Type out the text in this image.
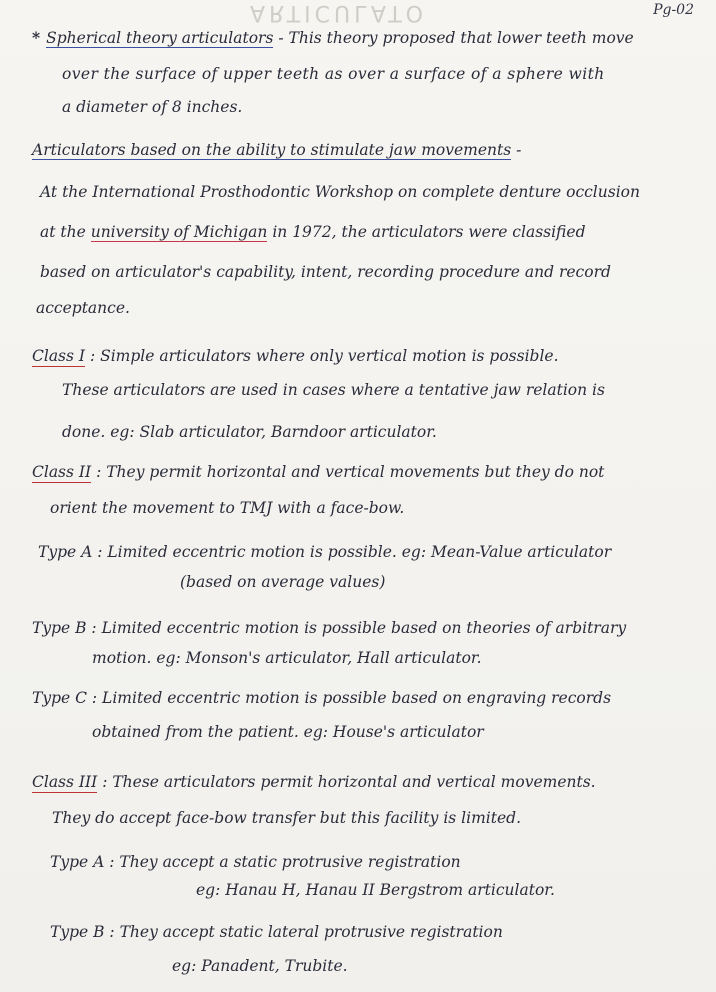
ARTICULATO	Pg-02
* Spherical theory articulators - This theory proposed that lower teeth move
over the surface of upper teeth as over a surface of a sphere with
a diameter of 8 inches.
Articulators based on the ability to stimulate jaw movements -
At the International Prosthodontic Workshop on complete denture occlusion
at the university of Michigan in 1972, the articulators were classified
based on articulator's capability, intent, recording procedure and record
acceptance.
Class I : Simple articulators where only vertical motion is possible.
These articulators are used in cases where a tentative jaw relation is
done. eg: Slab articulator, Barndoor articulator.
Class II : They permit horizontal and vertical movements but they do not
orient the movement to TMJ with a face-bow.
Type A : Limited eccentric motion is possible. eg: Mean-Value articulator
(based on average values)
Type B : Limited eccentric motion is possible based on theories of arbitrary
motion. eg: Monson's articulator, Hall articulator.
Type C : Limited eccentric motion is possible based on engraving records
obtained from the patient. eg: House's articulator
Class III : These articulators permit horizontal and vertical movements.
They do accept face-bow transfer but this facility is limited.
Type A : They accept a static protrusive registration
eg: Hanau H, Hanau II Bergstrom articulator.
Type B : They accept static lateral protrusive registration
eg: Panadent, Trubite.
